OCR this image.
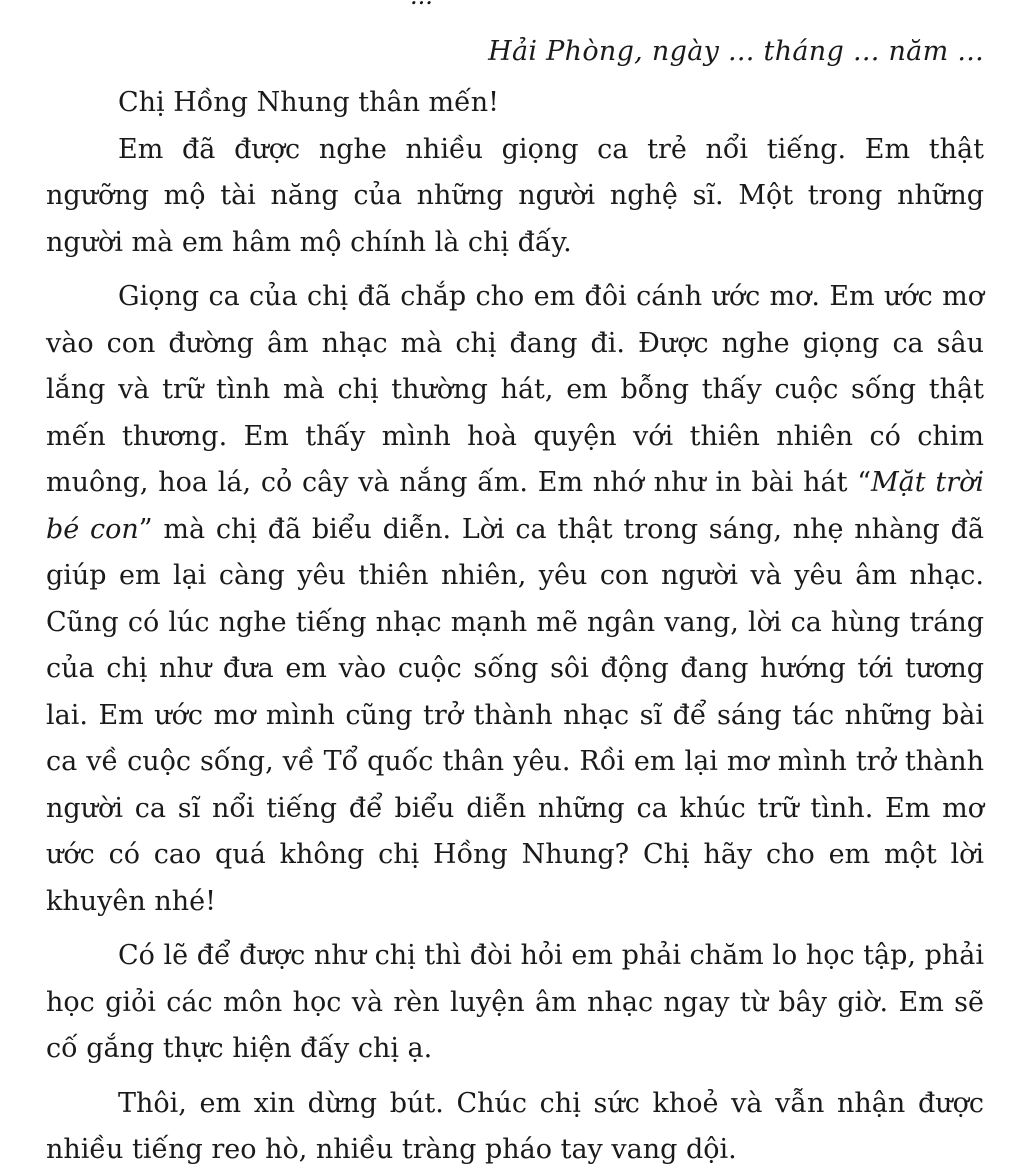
Hải Phòng, ngày ... tháng ... năm ...

Chị Hồng Nhung thân mến!

Em đã được nghe nhiều giọng ca trẻ nổi tiếng. Em thật ngưỡng mộ tài năng của những người nghệ sĩ. Một trong những người mà em hâm mộ chính là chị đấy.

Giọng ca của chị đã chắp cho em đôi cánh ước mơ. Em ước mơ vào con đường âm nhạc mà chị đang đi. Được nghe giọng ca sâu lắng và trữ tình mà chị thường hát, em bỗng thấy cuộc sống thật mến thương. Em thấy mình hoà quyện với thiên nhiên có chim muông, hoa lá, cỏ cây và nắng ấm. Em nhớ như in bài hát “Mặt trời bé con” mà chị đã biểu diễn. Lời ca thật trong sáng, nhẹ nhàng đã giúp em lại càng yêu thiên nhiên, yêu con người và yêu âm nhạc. Cũng có lúc nghe tiếng nhạc mạnh mẽ ngân vang, lời ca hùng tráng của chị như đưa em vào cuộc sống sôi động đang hướng tới tương lai. Em ước mơ mình cũng trở thành nhạc sĩ để sáng tác những bài ca về cuộc sống, về Tổ quốc thân yêu. Rồi em lại mơ mình trở thành người ca sĩ nổi tiếng để biểu diễn những ca khúc trữ tình. Em mơ ước có cao quá không chị Hồng Nhung? Chị hãy cho em một lời khuyên nhé!

Có lẽ để được như chị thì đòi hỏi em phải chăm lo học tập, phải học giỏi các môn học và rèn luyện âm nhạc ngay từ bây giờ. Em sẽ cố gắng thực hiện đấy chị ạ.

Thôi, em xin dừng bút. Chúc chị sức khoẻ và vẫn nhận được nhiều tiếng reo hò, nhiều tràng pháo tay vang dội.
